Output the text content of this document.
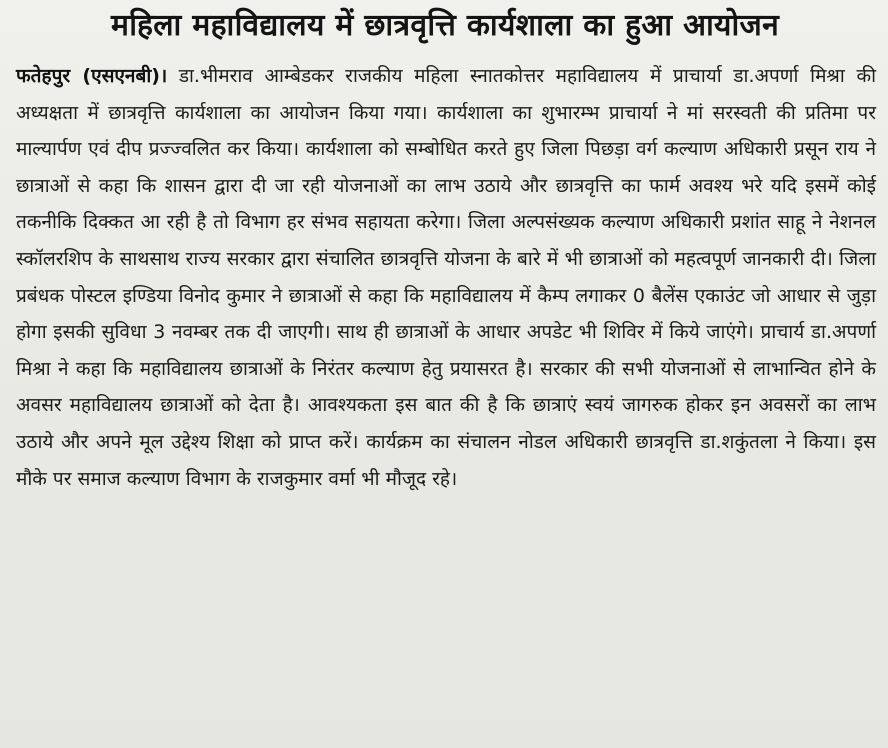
महिला महाविद्यालय में छात्रवृत्ति कार्यशाला का हुआ आयोजन

फतेहपुर (एसएनबी)। डा.भीमराव आम्बेडकर राजकीय महिला स्नातकोत्तर महाविद्यालय में प्राचार्या डा.अपर्णा मिश्रा की अध्यक्षता में छात्रवृत्ति कार्यशाला का आयोजन किया गया। कार्यशाला का शुभारम्भ प्राचार्या ने मां सरस्वती की प्रतिमा पर माल्यार्पण एवं दीप प्रज्ज्वलित कर किया। कार्यशाला को सम्बोधित करते हुए जिला पिछड़ा वर्ग कल्याण अधिकारी प्रसून राय ने छात्राओं से कहा कि शासन द्वारा दी जा रही योजनाओं का लाभ उठाये और छात्रवृत्ति का फार्म अवश्य भरे यदि इसमें कोई तकनीकि दिक्कत आ रही है तो विभाग हर संभव सहायता करेगा। जिला अल्पसंख्यक कल्याण अधिकारी प्रशांत साहू ने नेशनल स्कॉलरशिप के साथसाथ राज्य सरकार द्वारा संचालित छात्रवृत्ति योजना के बारे में भी छात्राओं को महत्वपूर्ण जानकारी दी। जिला प्रबंधक पोस्टल इण्डिया विनोद कुमार ने छात्राओं से कहा कि महाविद्यालय में कैम्प लगाकर 0 बैलेंस एकाउंट जो आधार से जुड़ा होगा इसकी सुविधा 3 नवम्बर तक दी जाएगी। साथ ही छात्राओं के आधार अपडेट भी शिविर में किये जाएंगे। प्राचार्य डा.अपर्णा मिश्रा ने कहा कि महाविद्यालय छात्राओं के निरंतर कल्याण हेतु प्रयासरत है। सरकार की सभी योजनाओं से लाभान्वित होने के अवसर महाविद्यालय छात्राओं को देता है। आवश्यकता इस बात की है कि छात्राएं स्वयं जागरुक होकर इन अवसरों का लाभ उठाये और अपने मूल उद्देश्य शिक्षा को प्राप्त करें। कार्यक्रम का संचालन नोडल अधिकारी छात्रवृत्ति डा.शकुंतला ने किया। इस मौके पर समाज कल्याण विभाग के राजकुमार वर्मा भी मौजूद रहे।
